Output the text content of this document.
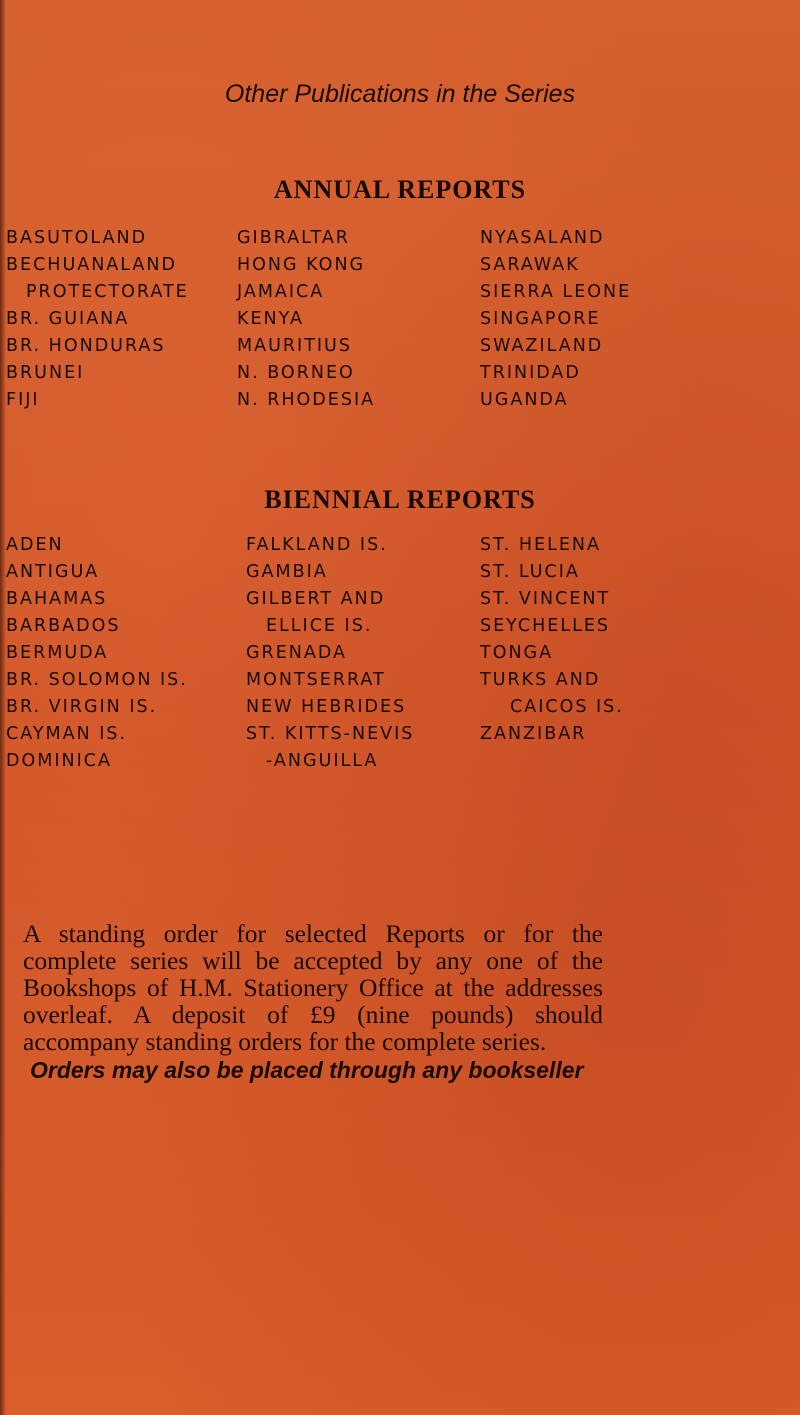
Other Publications in the Series
ANNUAL REPORTS
BASUTOLAND
BECHUANALAND
PROTECTORATE
BR. GUIANA
BR. HONDURAS
BRUNEI
FIJI
GIBRALTAR
HONG KONG
JAMAICA
KENYA
MAURITIUS
N. BORNEO
N. RHODESIA
NYASALAND
SARAWAK
SIERRA LEONE
SINGAPORE
SWAZILAND
TRINIDAD
UGANDA
BIENNIAL REPORTS
ADEN
ANTIGUA
BAHAMAS
BARBADOS
BERMUDA
BR. SOLOMON IS.
BR. VIRGIN IS.
CAYMAN IS.
DOMINICA
FALKLAND IS.
GAMBIA
GILBERT AND
ELLICE IS.
GRENADA
MONTSERRAT
NEW HEBRIDES
ST. KITTS-NEVIS
-ANGUILLA
ST. HELENA
ST. LUCIA
ST. VINCENT
SEYCHELLES
TONGA
TURKS AND
CAICOS IS.
ZANZIBAR
A standing order for selected Reports or for the complete series will be accepted by any one of the Bookshops of H.M. Stationery Office at the addresses overleaf. A deposit of £9 (nine pounds) should accompany standing orders for the complete series.
Orders may also be placed through any bookseller
